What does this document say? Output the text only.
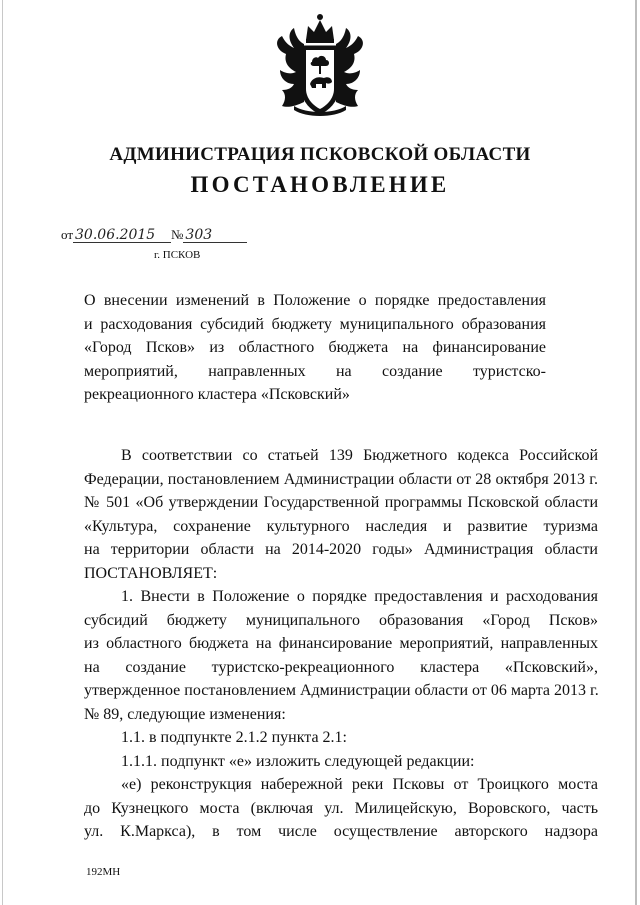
АДМИНИСТРАЦИЯ ПСКОВСКОЙ ОБЛАСТИ
ПОСТАНОВЛЕНИЕ
от 30.06.2015 № 303
г. ПСКОВ
О внесении изменений в Положение о порядке предоставления
и расходования субсидий бюджету муниципального образования
«Город Псков» из областного бюджета на финансирование
мероприятий, направленных на создание туристско-
рекреационного кластера «Псковский»
В соответствии со статьей 139 Бюджетного кодекса Российской
Федерации, постановлением Администрации области от 28 октября 2013 г.
№ 501 «Об утверждении Государственной программы Псковской области
«Культура, сохранение культурного наследия и развитие туризма
на территории области на 2014-2020 годы» Администрация области
ПОСТАНОВЛЯЕТ:
1. Внести в Положение о порядке предоставления и расходования
субсидий бюджету муниципального образования «Город Псков»
из областного бюджета на финансирование мероприятий, направленных
на создание туристско-рекреационного кластера «Псковский»,
утвержденное постановлением Администрации области от 06 марта 2013 г.
№ 89, следующие изменения:
1.1. в подпункте 2.1.2 пункта 2.1:
1.1.1. подпункт «е» изложить следующей редакции:
«е) реконструкция набережной реки Псковы от Троицкого моста
до Кузнецкого моста (включая ул. Милицейскую, Воровского, часть
ул. К.Маркса), в том числе осуществление авторского надзора
192МН
